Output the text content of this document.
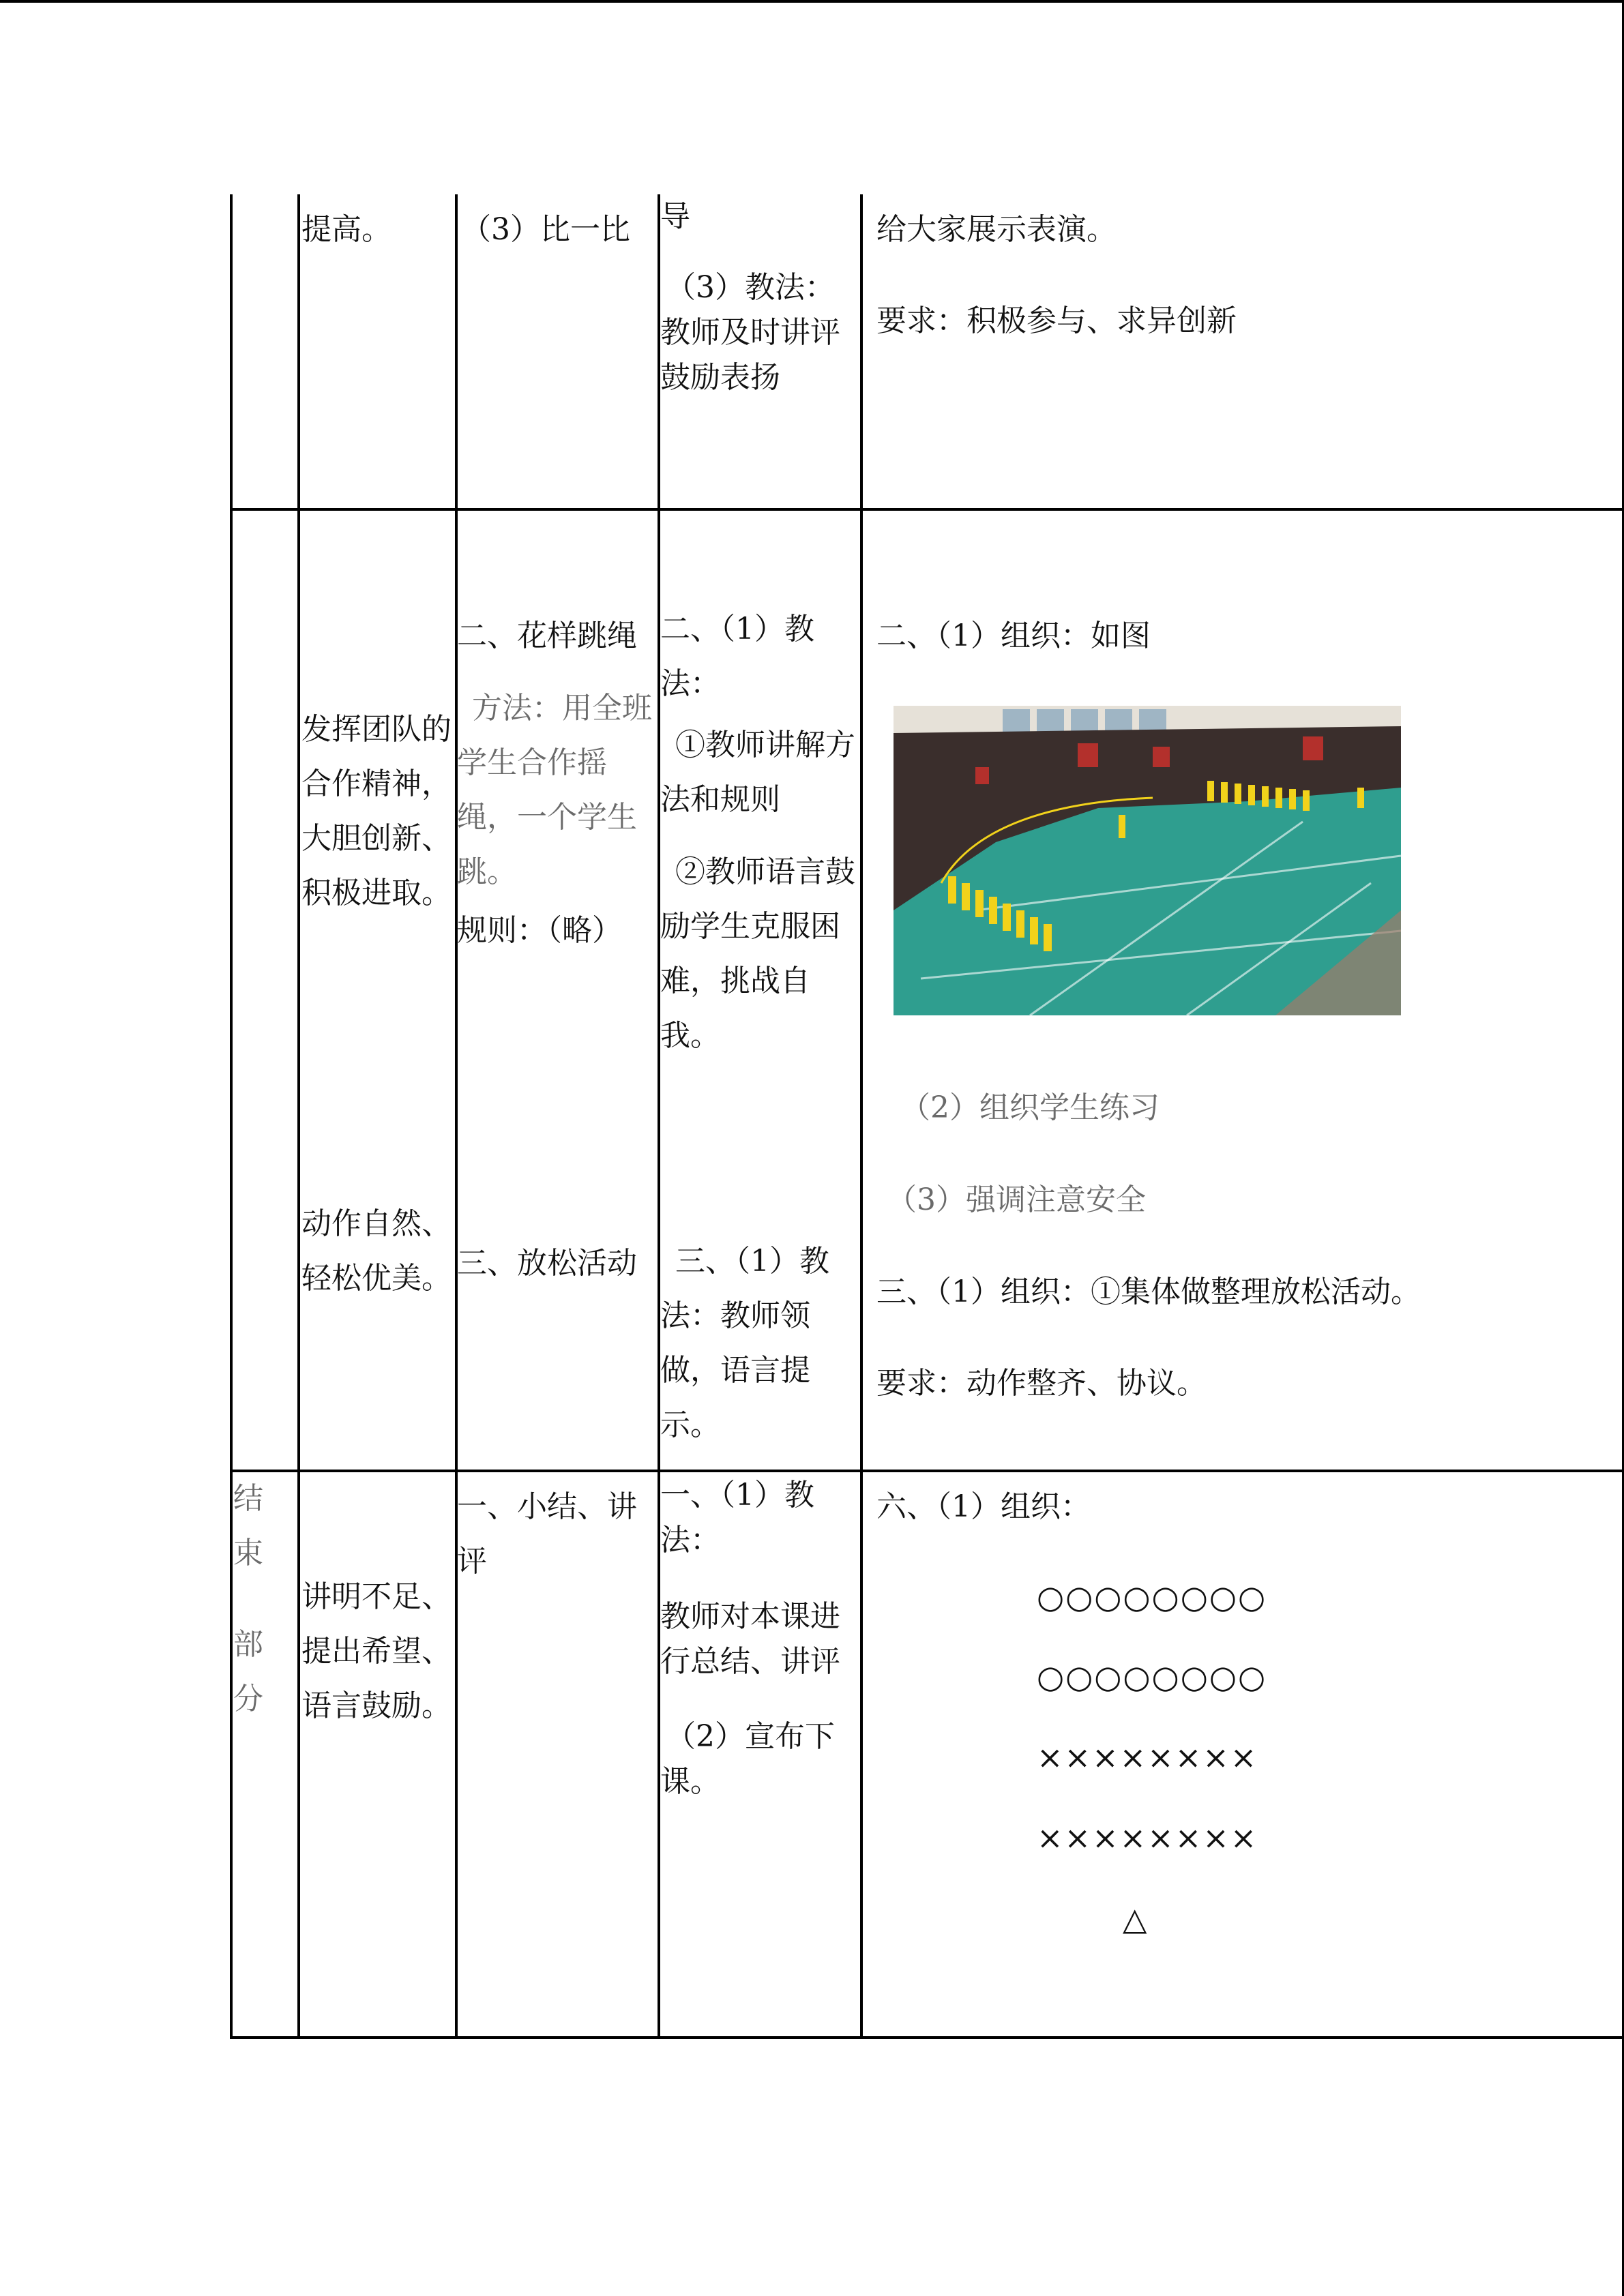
提高。	（3）比一比	导

（3）教法：教师及时讲评鼓励表扬

给大家展示表演。

要求：积极参与、求异创新

发挥团队的合作精神，大胆创新、积极进取。

动作自然、轻松优美。

二、花样跳绳

方法：用全班学生合作摇绳，一个学生跳。

规则：（略）

三、放松活动

二、（1）教法：

①教师讲解方法和规则

②教师语言鼓励学生克服困难，挑战自我。

三、（1）教法：教师领做，语言提示。

二、（1）组织：如图

（2）组织学生练习

（3）强调注意安全

三、（1）组织：①集体做整理放松活动。

要求：动作整齐、协议。

结

束

部

分

讲明不足、提出希望、语言鼓励。

一、小结、讲评

一、（1）教法：

教师对本课进行总结、讲评

（2）宣布下课。

六、（1）组织：

○○○○○○○○
○○○○○○○○
××××××××
××××××××
△
